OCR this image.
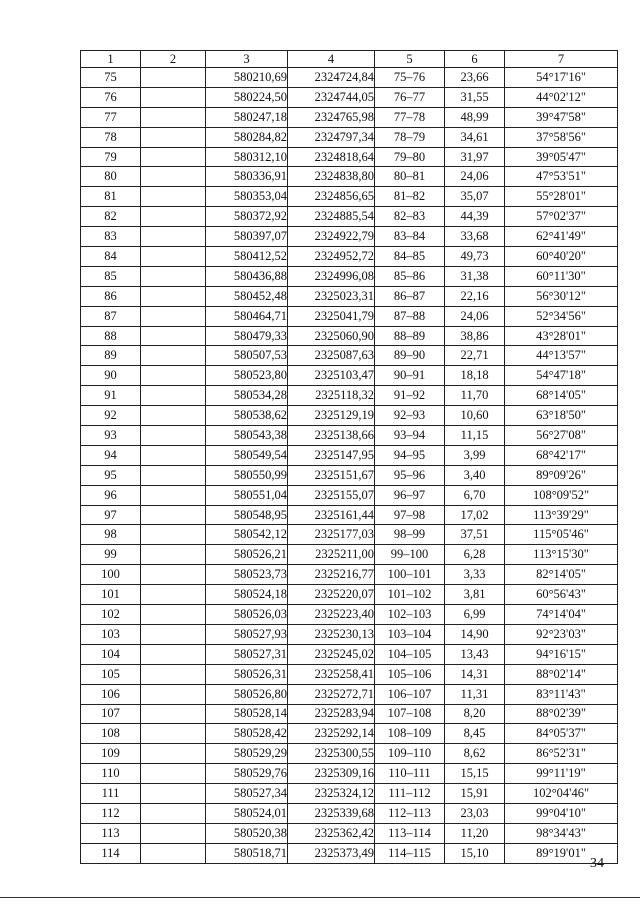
1	2	3	4	5	6	7
75		580210,69	2324724,84	75–76	23,66	54°17'16"
76		580224,50	2324744,05	76–77	31,55	44°02'12"
77		580247,18	2324765,98	77–78	48,99	39°47'58"
78		580284,82	2324797,34	78–79	34,61	37°58'56"
79		580312,10	2324818,64	79–80	31,97	39°05'47"
80		580336,91	2324838,80	80–81	24,06	47°53'51"
81		580353,04	2324856,65	81–82	35,07	55°28'01"
82		580372,92	2324885,54	82–83	44,39	57°02'37"
83		580397,07	2324922,79	83–84	33,68	62°41'49"
84		580412,52	2324952,72	84–85	49,73	60°40'20"
85		580436,88	2324996,08	85–86	31,38	60°11'30"
86		580452,48	2325023,31	86–87	22,16	56°30'12"
87		580464,71	2325041,79	87–88	24,06	52°34'56"
88		580479,33	2325060,90	88–89	38,86	43°28'01"
89		580507,53	2325087,63	89–90	22,71	44°13'57"
90		580523,80	2325103,47	90–91	18,18	54°47'18"
91		580534,28	2325118,32	91–92	11,70	68°14'05"
92		580538,62	2325129,19	92–93	10,60	63°18'50"
93		580543,38	2325138,66	93–94	11,15	56°27'08"
94		580549,54	2325147,95	94–95	3,99	68°42'17"
95		580550,99	2325151,67	95–96	3,40	89°09'26"
96		580551,04	2325155,07	96–97	6,70	108°09'52"
97		580548,95	2325161,44	97–98	17,02	113°39'29"
98		580542,12	2325177,03	98–99	37,51	115°05'46"
99		580526,21	2325211,00	99–100	6,28	113°15'30"
100		580523,73	2325216,77	100–101	3,33	82°14'05"
101		580524,18	2325220,07	101–102	3,81	60°56'43"
102		580526,03	2325223,40	102–103	6,99	74°14'04"
103		580527,93	2325230,13	103–104	14,90	92°23'03"
104		580527,31	2325245,02	104–105	13,43	94°16'15"
105		580526,31	2325258,41	105–106	14,31	88°02'14"
106		580526,80	2325272,71	106–107	11,31	83°11'43"
107		580528,14	2325283,94	107–108	8,20	88°02'39"
108		580528,42	2325292,14	108–109	8,45	84°05'37"
109		580529,29	2325300,55	109–110	8,62	86°52'31"
110		580529,76	2325309,16	110–111	15,15	99°11'19"
111		580527,34	2325324,12	111–112	15,91	102°04'46"
112		580524,01	2325339,68	112–113	23,03	99°04'10"
113		580520,38	2325362,42	113–114	11,20	98°34'43"
114		580518,71	2325373,49	114–115	15,10	89°19'01"
34
